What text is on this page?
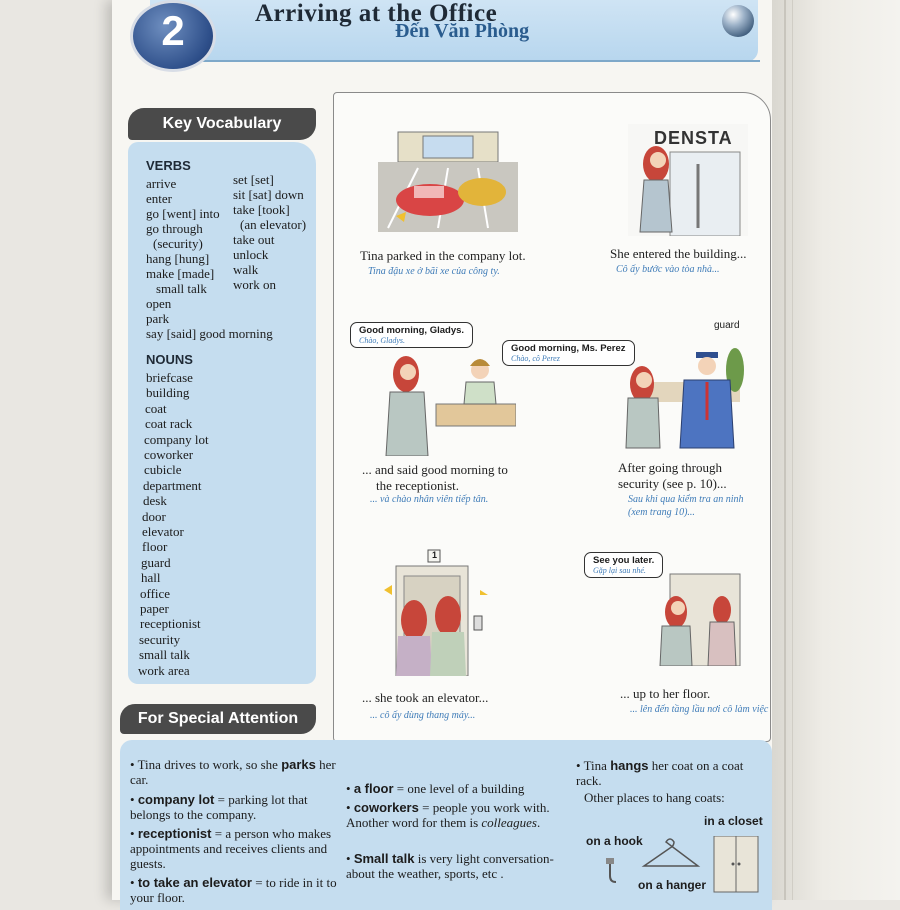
2	Arriving at the Office
Đến Văn Phòng
Key Vocabulary
VERBS
arrive
enter
go [went] into
go through
(security)
hang [hung]
make [made]
small talk
open
park
say [said] good morning
set [set]
sit [sat] down
take [took]
(an elevator)
take out
unlock
walk
work on
NOUNS
briefcase
building
coat
coat rack
company lot
coworker
cubicle
department
desk
door
elevator
floor
guard
hall
office
paper
receptionist
security
small talk
work area
Tina parked in the company lot.
Tina đậu xe ở bãi xe của công ty.
DENSTA
She entered the building...
Cô ấy bước vào tòa nhà...
Good morning, Gladys.
Chào, Gladys.
Good morning, Ms. Perez
Chào, cô Perez
... and said good morning to
the receptionist.
... và chào nhân viên tiếp tân.
guard
After going through
security (see p. 10)...
Sau khi qua kiểm tra an ninh
(xem trang 10)...
1
... she took an elevator...
... cô ấy dùng thang máy...
See you later.
Gặp lại sau nhé.
... up to her floor.
... lên đến tầng lầu nơi cô làm việc
For Special Attention
• Tina drives to work, so she parks her car.
• company lot = parking lot that belongs to the company.
• receptionist = a person who makes appointments and receives clients and guests.
• to take an elevator = to ride in it to your floor.
• a floor = one level of a building
• coworkers = people you work with. Another word for them is colleagues.
• Small talk is very light conversation-about the weather, sports, etc .
• Tina hangs her coat on a coat rack.
Other places to hang coats:
on a hook
in a closet
on a hanger
